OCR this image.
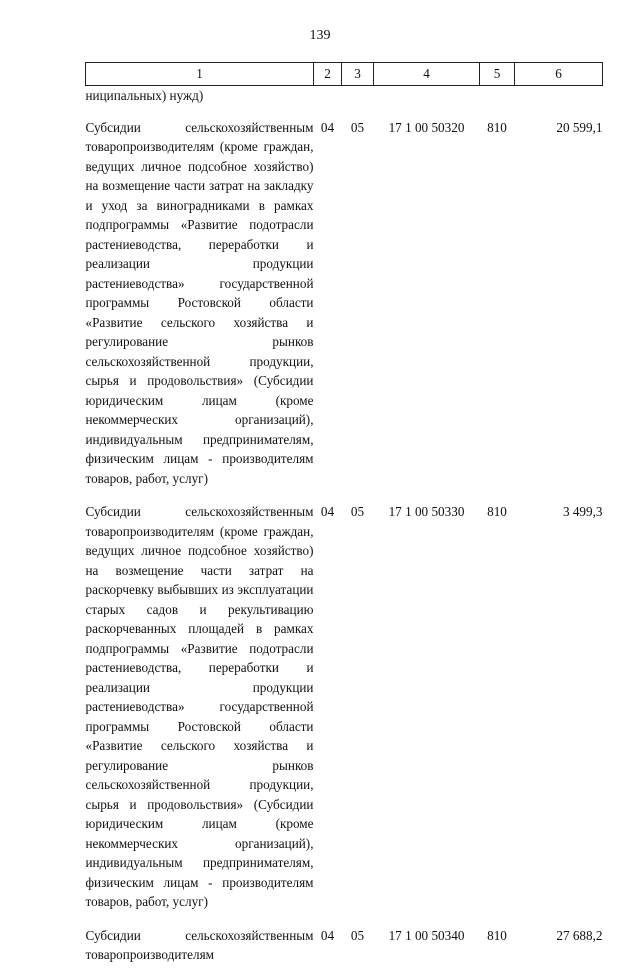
139
1	2	3	4	5	6
ниципальных) нужд)					
Субсидии сельскохозяйственным товаропроизводителям (кроме граждан, ведущих личное подсобное хозяйство) на возмещение части затрат на закладку и уход за виноградниками в рамках подпрограммы «Развитие подотрасли растениеводства, переработки и реализации продукции растениеводства» государственной программы Ростовской области «Развитие сельского хозяйства и регулирование рынков сельскохозяйственной продукции, сырья и продовольствия» (Субсидии юридическим лицам (кроме некоммерческих организаций), индивидуальным предпринимателям, физическим лицам - производителям товаров, работ, услуг)	04	05	17 1 00 50320	810	20 599,1
Субсидии сельскохозяйственным товаропроизводителям (кроме граждан, ведущих личное подсобное хозяйство) на возмещение части затрат на раскорчевку выбывших из эксплуатации старых садов и рекультивацию раскорчеванных площадей в рамках подпрограммы «Развитие подотрасли растениеводства, переработки и реализации продукции растениеводства» государственной программы Ростовской области «Развитие сельского хозяйства и регулирование рынков сельскохозяйственной продукции, сырья и продовольствия» (Субсидии юридическим лицам (кроме некоммерческих организаций), индивидуальным предпринимателям, физическим лицам - производителям товаров, работ, услуг)	04	05	17 1 00 50330	810	3 499,3
Субсидии сельскохозяйственным товаропроизводителям	04	05	17 1 00 50340	810	27 688,2
